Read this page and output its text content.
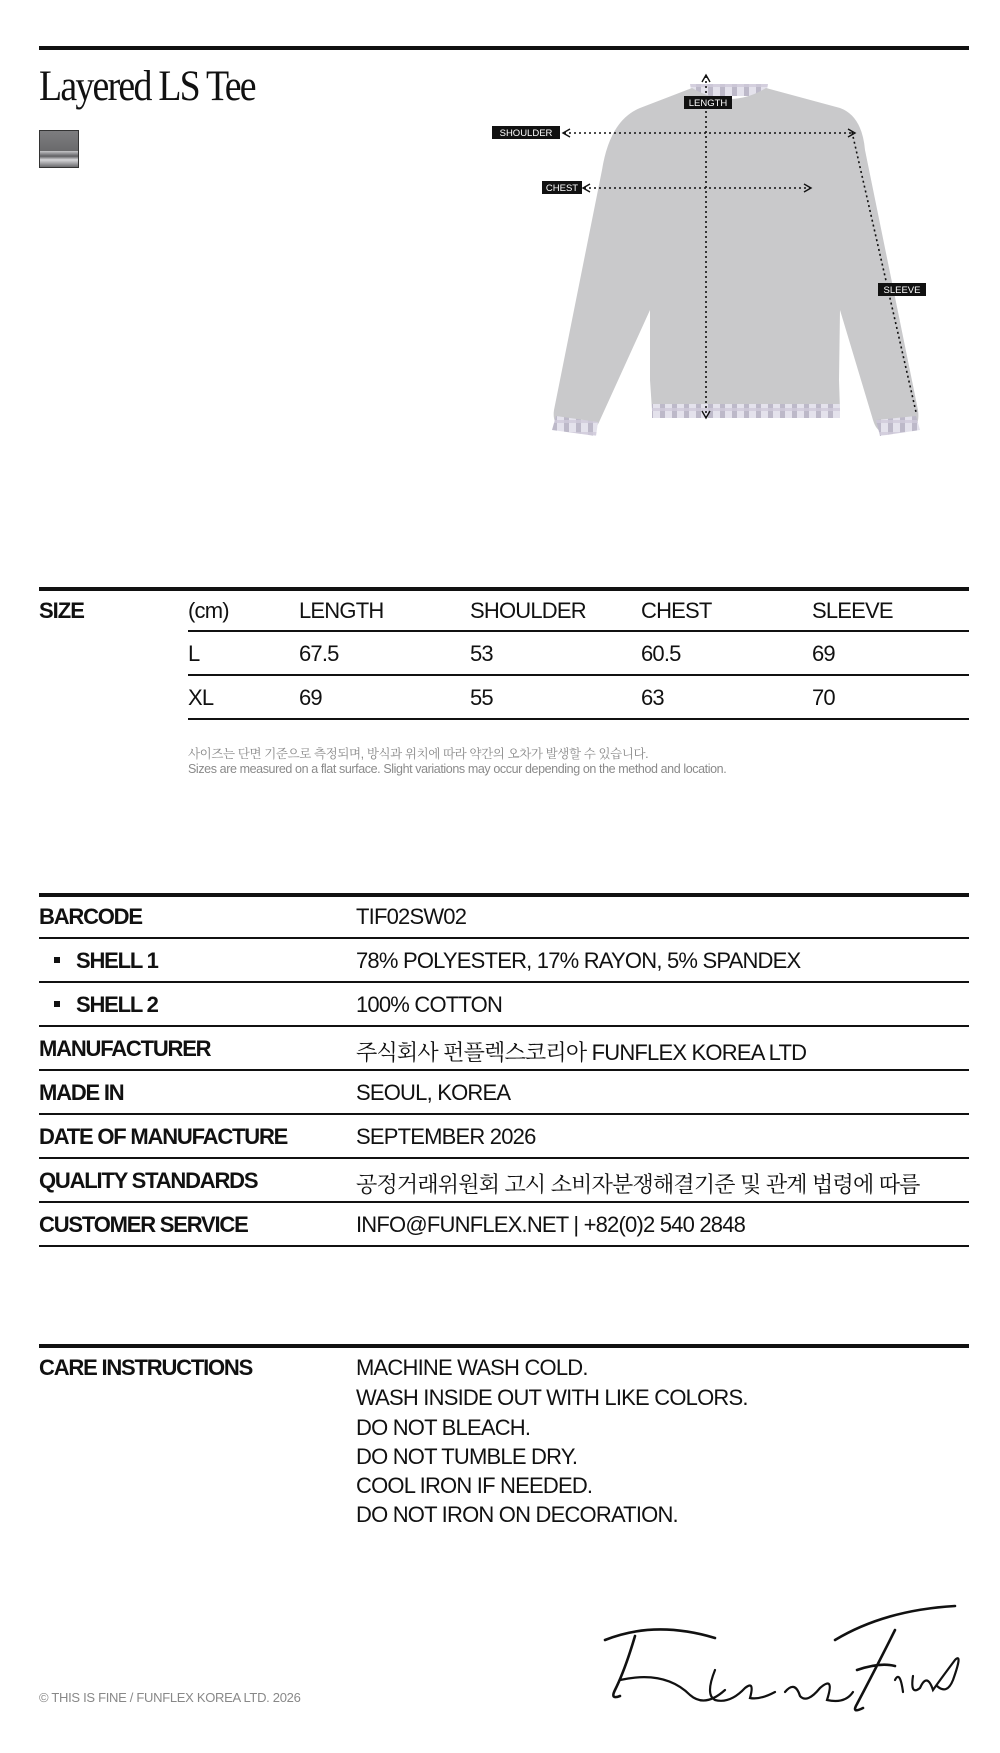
Layered LS Tee	LENGTH
SHOULDER
CHEST
SLEEVE
SIZE	(cm)	LENGTH	SHOULDER	CHEST	SLEEVE
L	67.5	53	60.5	69
XL	69	55	63	70
사이즈는 단면 기준으로 측정되며, 방식과 위치에 따라 약간의 오차가 발생할 수 있습니다.
Sizes are measured on a flat surface. Slight variations may occur depending on the method and location.
BARCODE	TIF02SW02
SHELL 1	78% POLYESTER, 17% RAYON, 5% SPANDEX
SHELL 2	100% COTTON
MANUFACTURER	주식회사 펀플렉스코리아 FUNFLEX KOREA LTD
MADE IN	SEOUL, KOREA
DATE OF MANUFACTURE	SEPTEMBER 2026
QUALITY STANDARDS	공정거래위원회 고시 소비자분쟁해결기준 및 관계 법령에 따름
CUSTOMER SERVICE	INFO@FUNFLEX.NET | +82(0)2 540 2848
CARE INSTRUCTIONS	MACHINE WASH COLD.
WASH INSIDE OUT WITH LIKE COLORS.
DO NOT BLEACH.
DO NOT TUMBLE DRY.
COOL IRON IF NEEDED.
DO NOT IRON ON DECORATION.
© THIS IS FINE / FUNFLEX KOREA LTD. 2026
